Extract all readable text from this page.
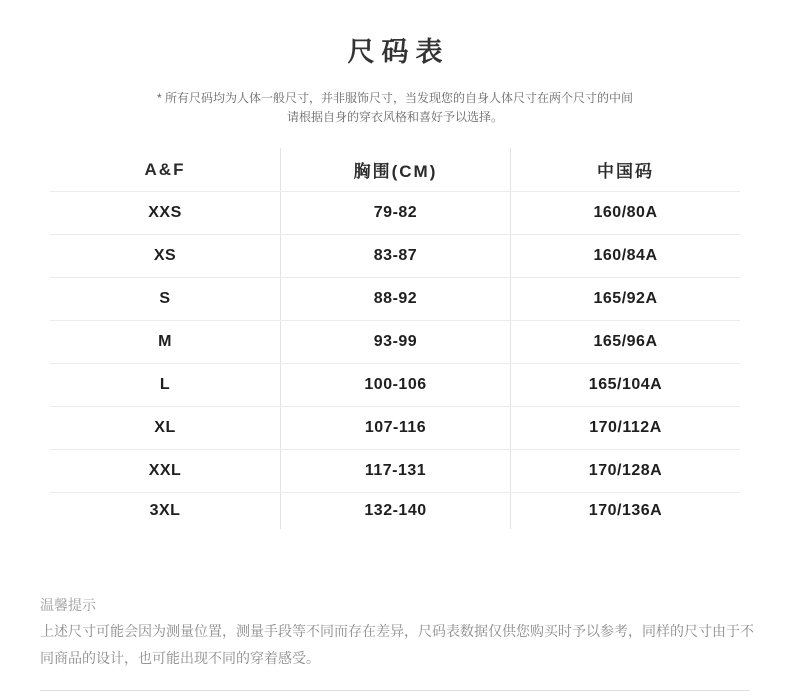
尺码表
* 所有尺码均为人体一般尺寸，并非服饰尺寸，当发现您的自身人体尺寸在两个尺寸的中间
请根据自身的穿衣风格和喜好予以选择。
A&F	胸围(CM)	中国码
XXS	79-82	160/80A
XS	83-87	160/84A
S	88-92	165/92A
M	93-99	165/96A
L	100-106	165/104A
XL	107-116	170/112A
XXL	117-131	170/128A
3XL	132-140	170/136A
温馨提示
上述尺寸可能会因为测量位置，测量手段等不同而存在差异，尺码表数据仅供您购买时予以参考，同样的尺寸由于不同商品的设计，也可能出现不同的穿着感受。
